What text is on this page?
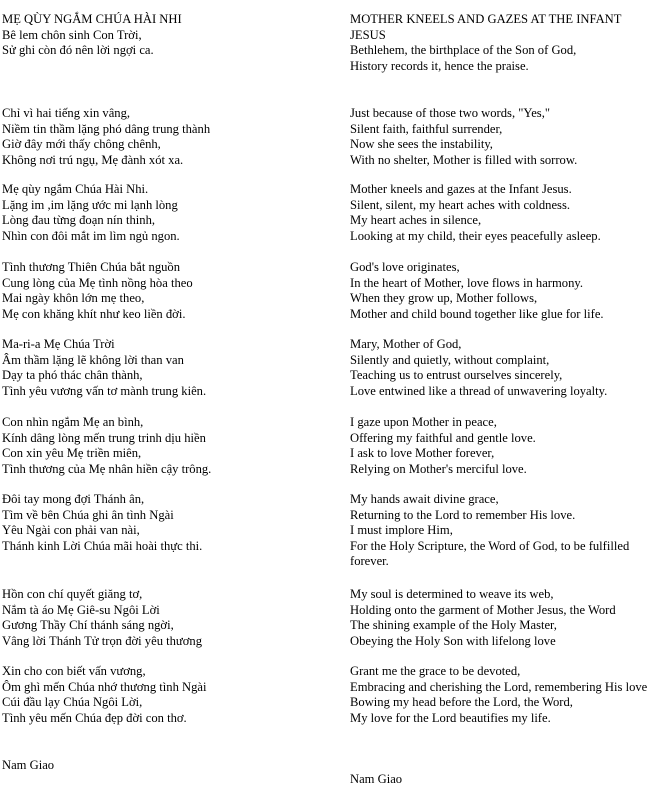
MẸ QÙY NGẮM CHÚA HÀI NHI
Bê lem chôn sinh Con Trời,
Sử ghi còn đó nên lời ngợi ca.
Chỉ vì hai tiếng xin vâng,
Niềm tin thầm lặng phó dâng trung thành
Giờ đây mới thấy chông chênh,
Không nơi trú ngụ, Mẹ đành xót xa.
Mẹ qùy ngắm Chúa Hài Nhi.
Lặng im ,im lặng ước mi lạnh lòng
Lòng đau từng đoạn nín thinh,
Nhìn con đôi mắt im lìm ngủ ngon.
Tình thương Thiên Chúa bắt nguồn
Cung lòng của Mẹ tình nồng hòa theo
Mai ngày khôn lớn mẹ theo,
Mẹ con khăng khít như keo liền đời.
Ma-ri-a Mẹ Chúa Trời
Âm thầm lặng lẽ không lời than van
Dạy ta phó thác chân thành,
Tình yêu vương vấn tơ mành trung kiên.
Con nhìn ngắm Mẹ an bình,
Kính dâng lòng mến trung trinh dịu hiền
Con xin yêu Mẹ triền miên,
Tình thương của Mẹ nhân hiền cậy trông.
Đôi tay mong đợi Thánh ân,
Tìm về bên Chúa ghi ân tình Ngài
Yêu Ngài con phải van nài,
Thánh kinh Lời Chúa mãi hoài thực thi.
Hồn con chí quyết giăng tơ,
Nắm tà áo Mẹ Giê-su Ngôi Lời
Gương Thầy Chí thánh sáng ngời,
Vâng lời Thánh Tử trọn đời yêu thương
Xin cho con biết vấn vương,
Ôm ghì mến Chúa nhớ thương tình Ngài
Cúi đầu lạy Chúa Ngôi Lời,
Tình yêu mến Chúa đẹp đời con thơ.
Nam Giao
MOTHER KNEELS AND GAZES AT THE INFANT JESUS
Bethlehem, the birthplace of the Son of God,
History records it, hence the praise.
Just because of those two words, "Yes,"
Silent faith, faithful surrender,
Now she sees the instability,
With no shelter, Mother is filled with sorrow.
Mother kneels and gazes at the Infant Jesus.
Silent, silent, my heart aches with coldness.
My heart aches in silence,
Looking at my child, their eyes peacefully asleep.
God's love originates,
In the heart of Mother, love flows in harmony.
When they grow up, Mother follows,
Mother and child bound together like glue for life.
Mary, Mother of God,
Silently and quietly, without complaint,
Teaching us to entrust ourselves sincerely,
Love entwined like a thread of unwavering loyalty.
I gaze upon Mother in peace,
Offering my faithful and gentle love.
I ask to love Mother forever,
Relying on Mother's merciful love.
My hands await divine grace,
Returning to the Lord to remember His love.
I must implore Him,
For the Holy Scripture, the Word of God, to be fulfilled forever.
My soul is determined to weave its web,
Holding onto the garment of Mother Jesus, the Word
The shining example of the Holy Master,
Obeying the Holy Son with lifelong love
Grant me the grace to be devoted,
Embracing and cherishing the Lord, remembering His love
Bowing my head before the Lord, the Word,
My love for the Lord beautifies my life.
Nam Giao
